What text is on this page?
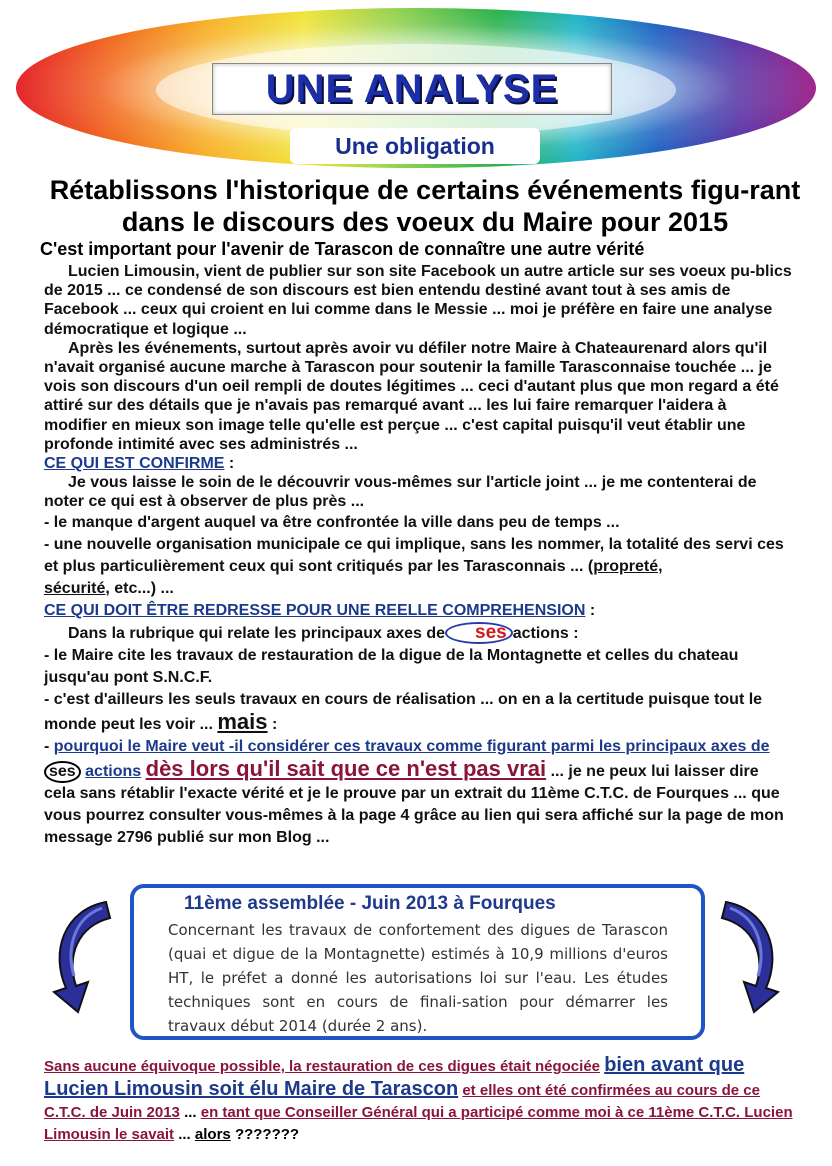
UNE ANALYSE
Une obligation
Rétablissons l'historique de certains événements figu-rant dans le discours des voeux du Maire pour 2015
C'est important pour l'avenir de Tarascon de connaître une autre vérité

Lucien Limousin, vient de publier sur son site Facebook un autre article sur ses voeux pu-blics de 2015 ... ce condensé de son discours est bien entendu destiné avant tout à ses amis de Facebook ... ceux qui croient en lui comme dans le Messie ... moi je préfère en faire une analyse démocratique et logique ...

Après les événements, surtout après avoir vu défiler notre Maire à Chateaurenard alors qu'il n'avait organisé aucune marche à Tarascon pour soutenir la famille Tarasconnaise touchée ... je vois son discours d'un oeil rempli de doutes légitimes ... ceci d'autant plus que mon regard a été attiré sur des détails que je n'avais pas remarqué avant ... les lui faire remarquer l'aidera à modifier en mieux son image telle qu'elle est perçue ... c'est capital puisqu'il veut établir une profonde intimité avec ses administrés ...

CE QUI EST CONFIRME :

Je vous laisse le soin de le découvrir vous-mêmes sur l'article joint ... je me contenterai de noter ce qui est à observer de plus près ...

- le manque d'argent auquel va être confrontée la ville dans peu de temps ...

- une nouvelle organisation municipale ce qui implique, sans les nommer, la totalité des servi ces et plus particulièrement ceux qui sont critiqués par les Tarasconnais ... (propreté,
sécurité, etc...) ...

CE QUI DOIT ÊTRE REDRESSE POUR UNE REELLE COMPREHENSION :

Dans la rubrique qui relate les principaux axes de ses actions :

- le Maire cite les travaux de restauration de la digue de la Montagnette et celles du chateau jusqu'au pont S.N.C.F.

- c'est d'ailleurs les seuls travaux en cours de réalisation ... on en a la certitude puisque tout le monde peut les voir ... mais :

- pourquoi le Maire veut -il considérer ces travaux comme figurant parmi les principaux axes deses actions dès lors qu'il sait que ce n'est pas vrai ... je ne peux lui laisser dire cela sans rétablir l'exacte vérité et je le prouve par un extrait du 11ème C.T.C. de Fourques ... que vous pourrez consulter vous-mêmes à la page 4 grâce au lien qui sera affiché sur la page de mon message 2796 publié sur mon Blog ...

11ème assemblée - Juin 2013 à Fourques
Concernant les travaux de confortement des digues de Tarascon (quai et digue de la Montagnette) estimés à 10,9 millions d'euros HT, le préfet a donné les autorisations loi sur l'eau. Les études techniques sont en cours de finali-sation pour démarrer les travaux début 2014 (durée 2 ans).
Sans aucune équivoque possible, la restauration de ces digues était négociée bien avant que Lucien Limousin soit élu Maire de Tarascon et elles ont été confirmées au cours de ce C.T.C. de Juin 2013 ... en tant que Conseiller Général qui a participé comme moi à ce 11ème C.T.C. Lucien Limousin le savait ... alors ???????
